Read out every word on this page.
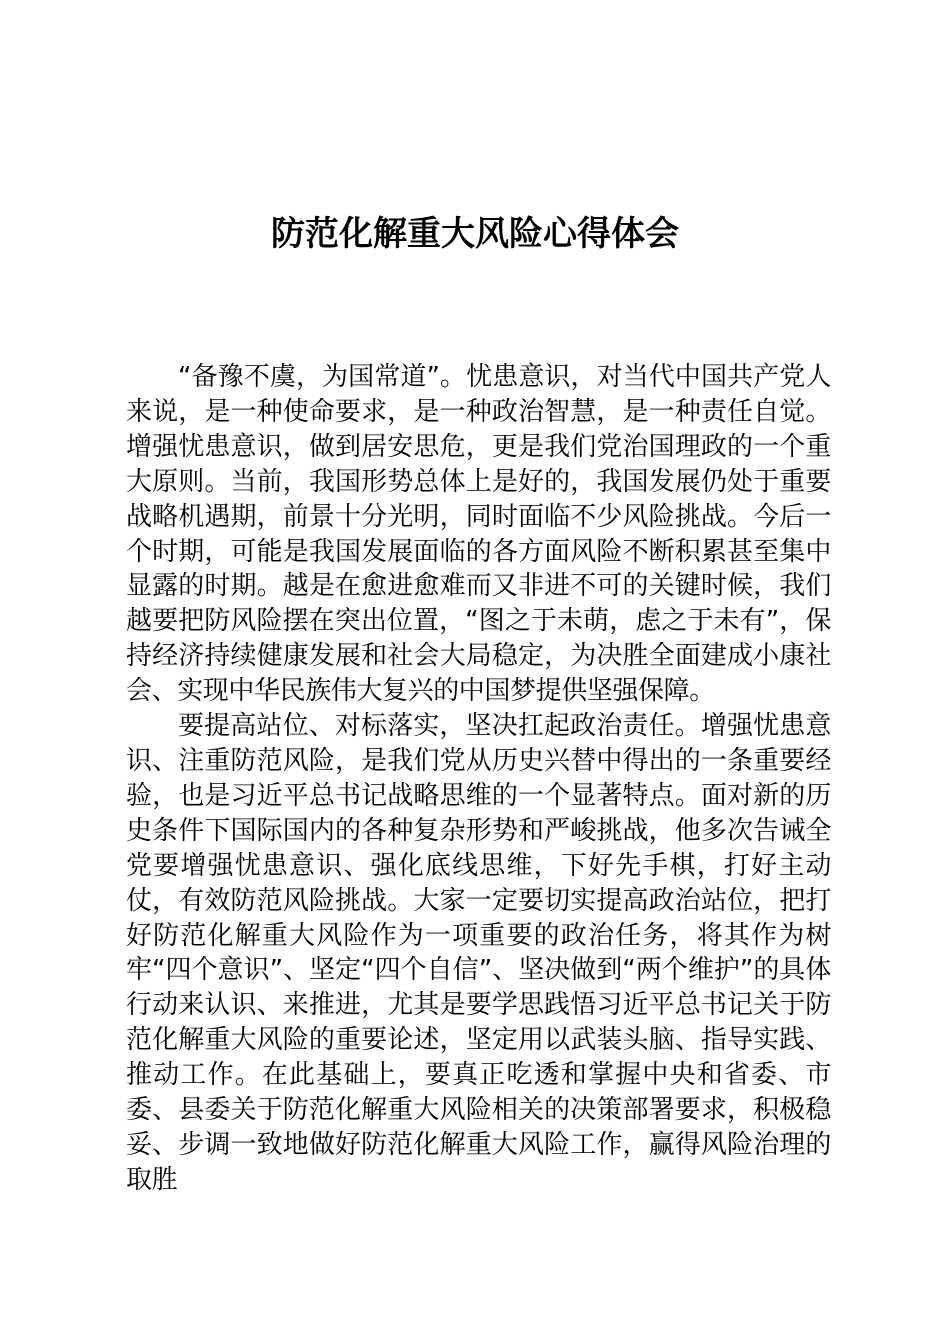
防范化解重大风险心得体会

“备豫不虞，为国常道”。忧患意识，对当代中国共产党人来说，是一种使命要求，是一种政治智慧，是一种责任自觉。增强忧患意识，做到居安思危，更是我们党治国理政的一个重大原则。当前，我国形势总体上是好的，我国发展仍处于重要战略机遇期，前景十分光明，同时面临不少风险挑战。今后一个时期，可能是我国发展面临的各方面风险不断积累甚至集中显露的时期。越是在愈进愈难而又非进不可的关键时候，我们越要把防风险摆在突出位置，“图之于未萌，虑之于未有”，保持经济持续健康发展和社会大局稳定，为决胜全面建成小康社会、实现中华民族伟大复兴的中国梦提供坚强保障。

要提高站位、对标落实，坚决扛起政治责任。增强忧患意识、注重防范风险，是我们党从历史兴替中得出的一条重要经验，也是习近平总书记战略思维的一个显著特点。面对新的历史条件下国际国内的各种复杂形势和严峻挑战，他多次告诫全党要增强忧患意识、强化底线思维，下好先手棋，打好主动仗，有效防范风险挑战。大家一定要切实提高政治站位，把打好防范化解重大风险作为一项重要的政治任务，将其作为树牢“四个意识”、坚定“四个自信”、坚决做到“两个维护”的具体行动来认识、来推进，尤其是要学思践悟习近平总书记关于防范化解重大风险的重要论述，坚定用以武装头脑、指导实践、推动工作。在此基础上，要真正吃透和掌握中央和省委、市委、县委关于防范化解重大风险相关的决策部署要求，积极稳妥、步调一致地做好防范化解重大风险工作，赢得风险治理的取胜
